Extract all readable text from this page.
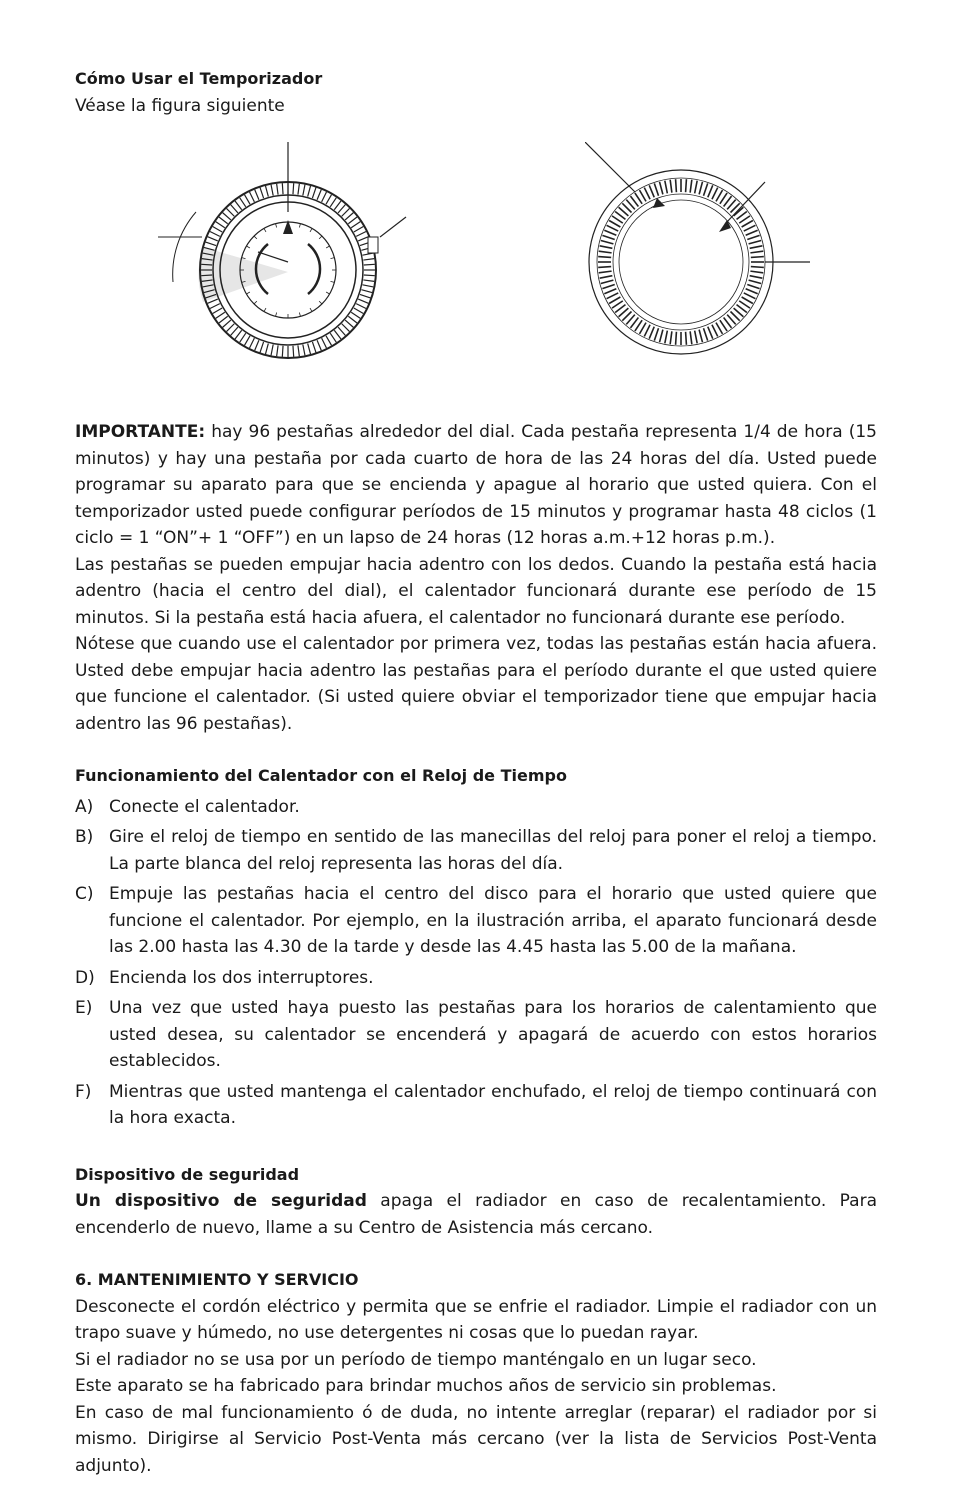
Cómo Usar el Temporizador

Véase la figura siguiente

IMPORTANTE: hay 96 pestañas alrededor del dial. Cada pestaña representa 1/4 de hora (15 minutos) y hay una pestaña por cada cuarto de hora de las 24 horas del día. Usted puede programar su aparato para que se encienda y apague al horario que usted quiera. Con el temporizador usted puede configurar períodos de 15 minutos y programar hasta 48 ciclos (1 ciclo = 1 “ON”+ 1 “OFF”) en un lapso de 24 horas (12 horas a.m.+12 horas p.m.).

Las pestañas se pueden empujar hacia adentro con los dedos. Cuando la pestaña está hacia adentro (hacia el centro del dial), el calentador funcionará durante ese período de 15 minutos. Si la pestaña está hacia afuera, el calentador no funcionará durante ese período.

Nótese que cuando use el calentador por primera vez, todas las pestañas están hacia afuera. Usted debe empujar hacia adentro las pestañas para el período durante el que usted quiere que funcione el calentador. (Si usted quiere obviar el temporizador tiene que empujar hacia adentro las 96 pestañas).

Funcionamiento del Calentador con el Reloj de Tiempo

A) Conecte el calentador.
B) Gire el reloj de tiempo en sentido de las manecillas del reloj para poner el reloj a tiempo. La parte blanca del reloj representa las horas del día.
C) Empuje las pestañas hacia el centro del disco para el horario que usted quiere que funcione el calentador. Por ejemplo, en la ilustración arriba, el aparato funcionará desde las 2.00 hasta las 4.30 de la tarde y desde las 4.45 hasta las 5.00 de la mañana.
D) Encienda los dos interruptores.
E) Una vez que usted haya puesto las pestañas para los horarios de calentamiento que usted desea, su calentador se encenderá y apagará de acuerdo con estos horarios establecidos.
F)	Mientras que usted mantenga el calentador enchufado, el reloj de tiempo continuará con la hora exacta.

Dispositivo de seguridad

Un dispositivo de seguridad apaga el radiador en caso de recalentamiento. Para encenderlo de nuevo, llame a su Centro de Asistencia más cercano.

6. MANTENIMIENTO Y SERVICIO

Desconecte el cordón eléctrico y permita que se enfrie el radiador. Limpie el radiador con un trapo suave y húmedo, no use detergentes ni cosas que lo puedan rayar.

Si el radiador no se usa por un período de tiempo manténgalo en un lugar seco.

Este aparato se ha fabricado para brindar muchos años de servicio sin problemas.

En caso de mal funcionamiento ó de duda, no intente arreglar (reparar) el radiador por si mismo. Dirigirse al Servicio Post-Venta más cercano (ver la lista de Servicios Post-Venta adjunto).
